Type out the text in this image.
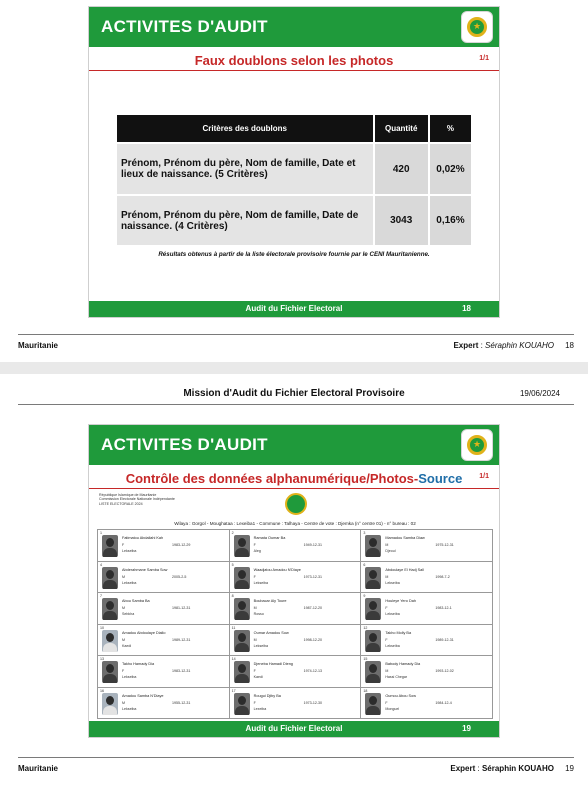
ACTIVITES D'AUDIT	★
Faux doublons selon les photos	1/1
Critères des doublons	Quantité	%
Prénom, Prénom du père, Nom de famille, Date et lieux de naissance. (5 Critères)	420	0,02%
Prénom, Prénom du père, Nom de famille, Date de naissance. (4 Critères)	3043	0,16%
Résultats obtenus à partir de la liste électorale provisoire fournie par le CENI Mauritanienne.
Audit du Fichier Electoral	18
Mauritanie	Expert : Séraphin KOUAHO 18
Mission d'Audit du Fichier Electoral Provisoire	19/06/2024
ACTIVITES D'AUDIT	★
Contrôle des données alphanumérique/Photos-Source	1/1
République Islamique de Mauritanie
Commission Electorale Nationale Indépendante
LISTE ELECTORALE 2024
Wilaya : Gorgol - Moughataa : Lexeiba1 - Commune : Talhaya - Centre de vote : Djemka (n° centre 01) - n° bureau : 02
1
Fatimatou Abdallahi Kah
F	1983-12-29
Lekseiba
2
Ramata Oumar Ba
F	1949-12-31
Aleg
3
Mamadou Samba Diaw
M	1975-12-31
Djeoul
4
Abderahmane Samba Sow
M	2005-2-5
Lekseiba
5
Waadjatou Amadou N'Diaye
F	1973-12-31
Lekseiba
6
Abdoulaye El Hadj Sall
M	1998-7-2
Lekseiba
7
Abou Samba Ba
M	1981-12-31
Sebkha
8
Boubacar Aly Toure
M	1987-12-20
Rosso
9
Houleye Yero Dah
F	1983-12-1
Lekseiba
10
Amadou Abdoulaye Diallo
M	1989-12-31
Kaedi
11
Oumar Amadou Sow
M	1998-12-20
Lekseiba
12
Takho Molly Ba
F	1989-12-31
Lekseiba
13
Takho Hamady Dia
F	1983-12-31
Lekseiba
14
Djeneba Hamadi Dieng
F	1974-12-13
Kaedi
15
Babody Hamady Dia
M	1993-12-02
Hassi Chegar
16
Amadou Samba N'Diaye
M	1955-12-31
Lekseiba
17
Rougui Djiby Ba
F	1973-12-30
Lexeiba
18
Oumou Abou Sow
F	1984-12-4
Monguel
Audit du Fichier Electoral	19
Mauritanie	Expert : Séraphin KOUAHO 19
